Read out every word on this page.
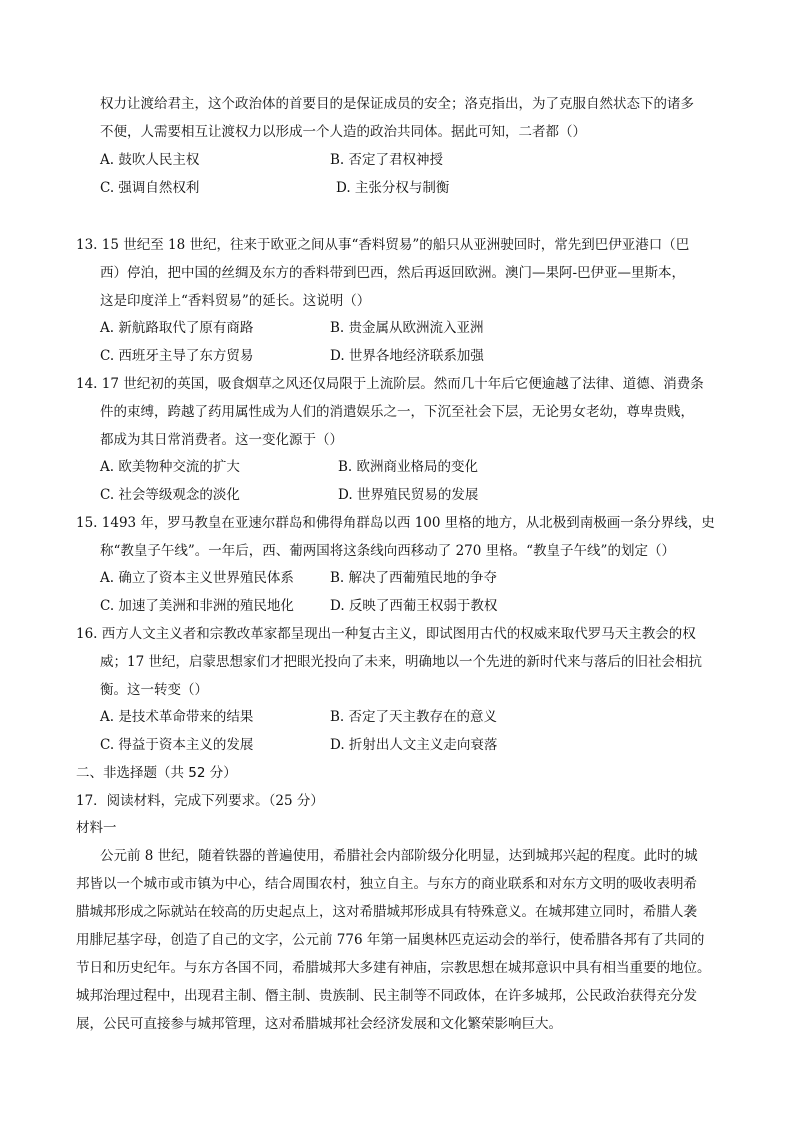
权力让渡给君主，这个政治体的首要目的是保证成员的安全；洛克指出，为了克服自然状态下的诸多
不便，人需要相互让渡权力以形成一个人造的政治共同体。据此可知，二者都（）
A. 鼓吹人民主权	B. 否定了君权神授
C. 强调自然权利	D. 主张分权与制衡
13. 15 世纪至 18 世纪，往来于欧亚之间从事“香料贸易”的船只从亚洲驶回时，常先到巴伊亚港口（巴
西）停泊，把中国的丝绸及东方的香料带到巴西，然后再返回欧洲。澳门—果阿-巴伊亚—里斯本，
这是印度洋上“香料贸易”的延长。这说明（）
A. 新航路取代了原有商路	B. 贵金属从欧洲流入亚洲
C. 西班牙主导了东方贸易	D. 世界各地经济联系加强
14. 17 世纪初的英国，吸食烟草之风还仅局限于上流阶层。然而几十年后它便逾越了法律、道德、消费条
件的束缚，跨越了药用属性成为人们的消遣娱乐之一，下沉至社会下层，无论男女老幼，尊卑贵贱，
都成为其日常消费者。这一变化源于（）
A. 欧美物种交流的扩大	B. 欧洲商业格局的变化
C. 社会等级观念的淡化	D. 世界殖民贸易的发展
15. 1493 年，罗马教皇在亚速尔群岛和佛得角群岛以西 100 里格的地方，从北极到南极画一条分界线，史
称“教皇子午线”。一年后，西、葡两国将这条线向西移动了 270 里格。“教皇子午线”的划定（）
A. 确立了资本主义世界殖民体系	B. 解决了西葡殖民地的争夺
C. 加速了美洲和非洲的殖民地化	D. 反映了西葡王权弱于教权
16. 西方人文主义者和宗教改革家都呈现出一种复古主义，即试图用古代的权威来取代罗马天主教会的权
威；17 世纪，启蒙思想家们才把眼光投向了未来，明确地以一个先进的新时代来与落后的旧社会相抗
衡。这一转变（）
A. 是技术革命带来的结果	B. 否定了天主教存在的意义
C. 得益于资本主义的发展	D. 折射出人文主义走向衰落
二、非选择题（共 52 分）
17．阅读材料，完成下列要求。（25 分）
材料一
公元前 8 世纪，随着铁器的普遍使用，希腊社会内部阶级分化明显，达到城邦兴起的程度。此时的城
邦皆以一个城市或市镇为中心，结合周围农村，独立自主。与东方的商业联系和对东方文明的吸收表明希
腊城邦形成之际就站在较高的历史起点上，这对希腊城邦形成具有特殊意义。在城邦建立同时，希腊人袭
用腓尼基字母，创造了自己的文字，公元前 776 年第一届奥林匹克运动会的举行，使希腊各邦有了共同的
节日和历史纪年。与东方各国不同，希腊城邦大多建有神庙，宗教思想在城邦意识中具有相当重要的地位。
城邦治理过程中，出现君主制、僭主制、贵族制、民主制等不同政体，在许多城邦，公民政治获得充分发
展，公民可直接参与城邦管理，这对希腊城邦社会经济发展和文化繁荣影响巨大。
